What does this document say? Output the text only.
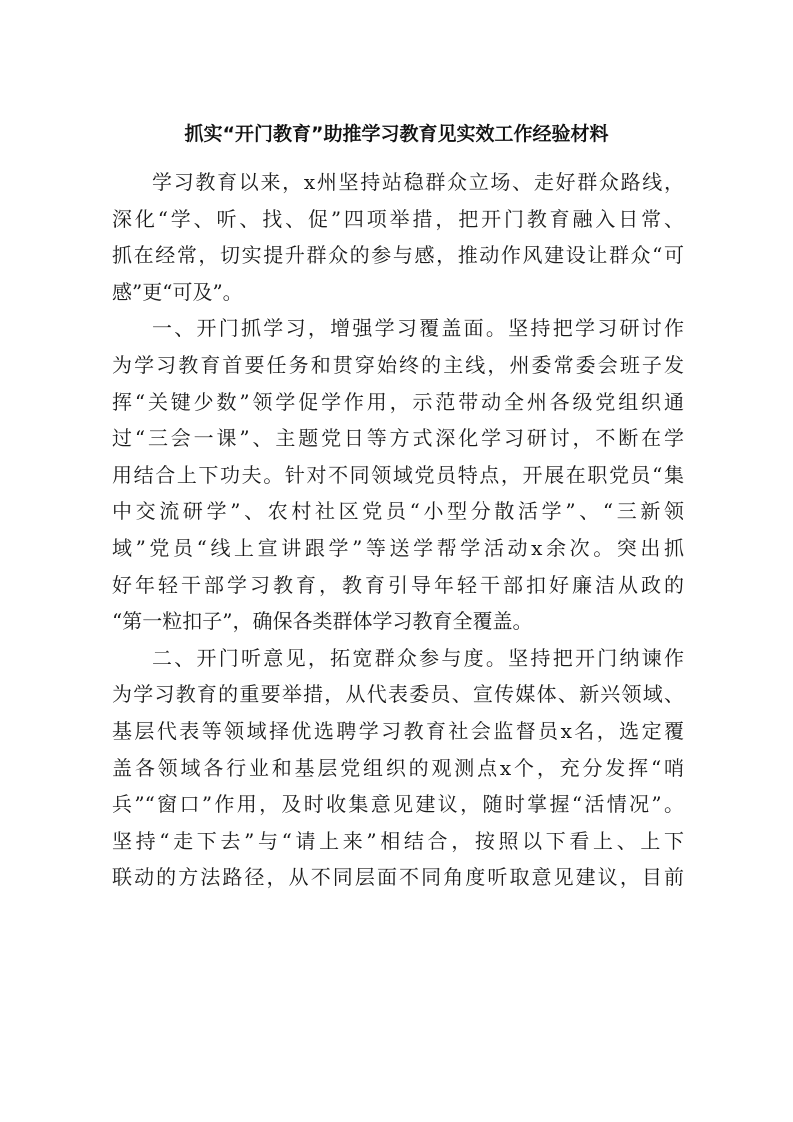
抓实“开门教育”助推学习教育见实效工作经验材料
学习教育以来，x州坚持站稳群众立场、走好群众路线，
深化“学、听、找、促”四项举措，把开门教育融入日常、
抓在经常，切实提升群众的参与感，推动作风建设让群众“可
感”更“可及”。
一、开门抓学习，增强学习覆盖面。坚持把学习研讨作
为学习教育首要任务和贯穿始终的主线，州委常委会班子发
挥“关键少数”领学促学作用，示范带动全州各级党组织通
过“三会一课”、主题党日等方式深化学习研讨，不断在学
用结合上下功夫。针对不同领域党员特点，开展在职党员“集
中交流研学”、农村社区党员“小型分散活学”、“三新领
域”党员“线上宣讲跟学”等送学帮学活动x余次。突出抓
好年轻干部学习教育，教育引导年轻干部扣好廉洁从政的
“第一粒扣子”，确保各类群体学习教育全覆盖。
二、开门听意见，拓宽群众参与度。坚持把开门纳谏作
为学习教育的重要举措，从代表委员、宣传媒体、新兴领域、
基层代表等领域择优选聘学习教育社会监督员x名，选定覆
盖各领域各行业和基层党组织的观测点x个，充分发挥“哨
兵”“窗口”作用，及时收集意见建议，随时掌握“活情况”。
坚持“走下去”与“请上来”相结合，按照以下看上、上下
联动的方法路径，从不同层面不同角度听取意见建议，目前
